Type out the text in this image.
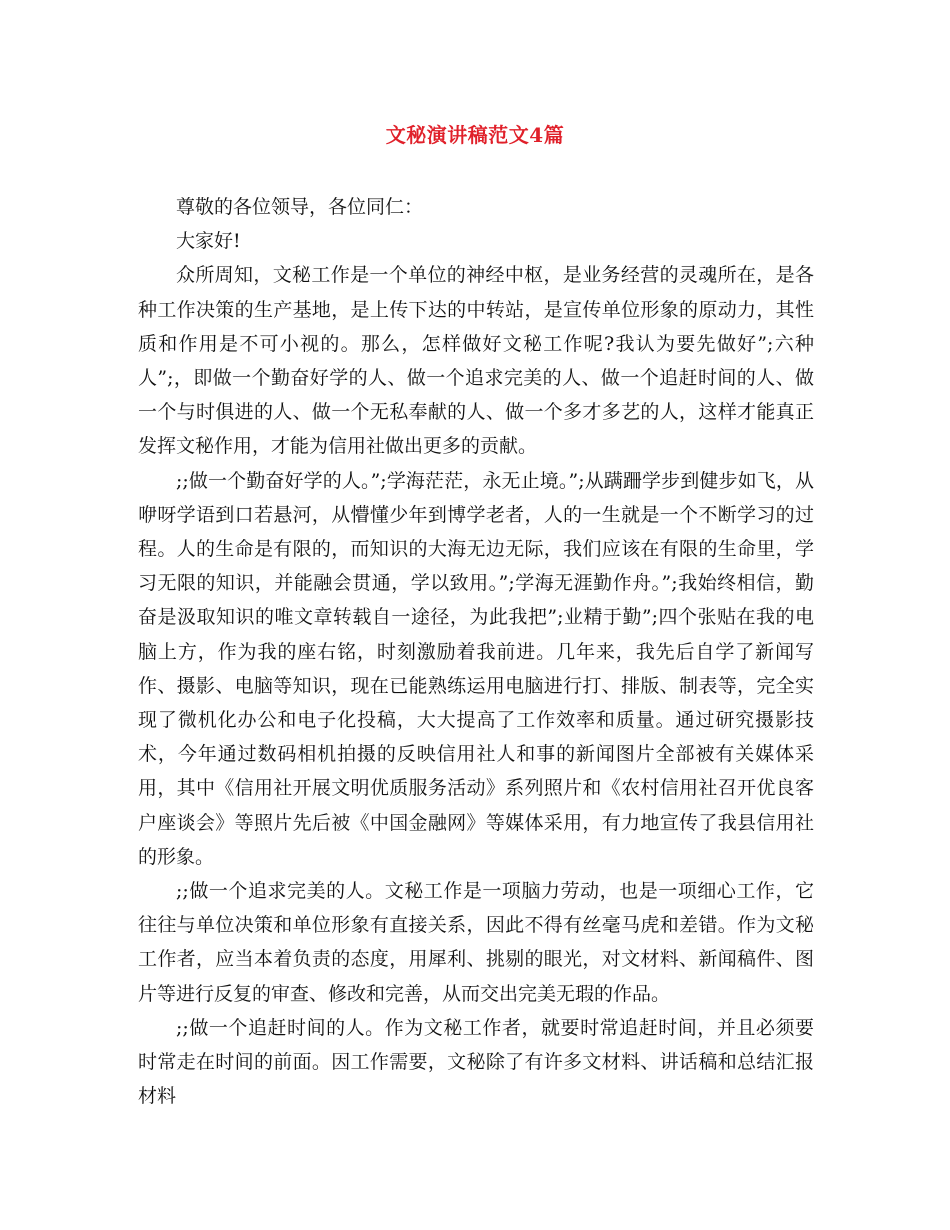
文秘演讲稿范文4篇

尊敬的各位领导，各位同仁：

大家好!

众所周知，文秘工作是一个单位的神经中枢，是业务经营的灵魂所在，是各种工作决策的生产基地，是上传下达的中转站，是宣传单位形象的原动力，其性质和作用是不可小视的。那么，怎样做好文秘工作呢?我认为要先做好”;六种人”;，即做一个勤奋好学的人、做一个追求完美的人、做一个追赶时间的人、做一个与时俱进的人、做一个无私奉献的人、做一个多才多艺的人，这样才能真正发挥文秘作用，才能为信用社做出更多的贡献。

;;做一个勤奋好学的人。”;学海茫茫，永无止境。”;从蹒跚学步到健步如飞，从咿呀学语到口若悬河，从懵懂少年到博学老者，人的一生就是一个不断学习的过程。人的生命是有限的，而知识的大海无边无际，我们应该在有限的生命里，学习无限的知识，并能融会贯通，学以致用。”;学海无涯勤作舟。”;我始终相信，勤奋是汲取知识的唯文章转载自一途径，为此我把”;业精于勤”;四个张贴在我的电脑上方，作为我的座右铭，时刻激励着我前进。几年来，我先后自学了新闻写作、摄影、电脑等知识，现在已能熟练运用电脑进行打、排版、制表等，完全实现了微机化办公和电子化投稿，大大提高了工作效率和质量。通过研究摄影技术，今年通过数码相机拍摄的反映信用社人和事的新闻图片全部被有关媒体采用，其中《信用社开展文明优质服务活动》系列照片和《农村信用社召开优良客户座谈会》等照片先后被《中国金融网》等媒体采用，有力地宣传了我县信用社的形象。

;;做一个追求完美的人。文秘工作是一项脑力劳动，也是一项细心工作，它往往与单位决策和单位形象有直接关系，因此不得有丝毫马虎和差错。作为文秘工作者，应当本着负责的态度，用犀利、挑剔的眼光，对文材料、新闻稿件、图片等进行反复的审查、修改和完善，从而交出完美无瑕的作品。

;;做一个追赶时间的人。作为文秘工作者，就要时常追赶时间，并且必须要时常走在时间的前面。因工作需要，文秘除了有许多文材料、讲话稿和总结汇报材料
